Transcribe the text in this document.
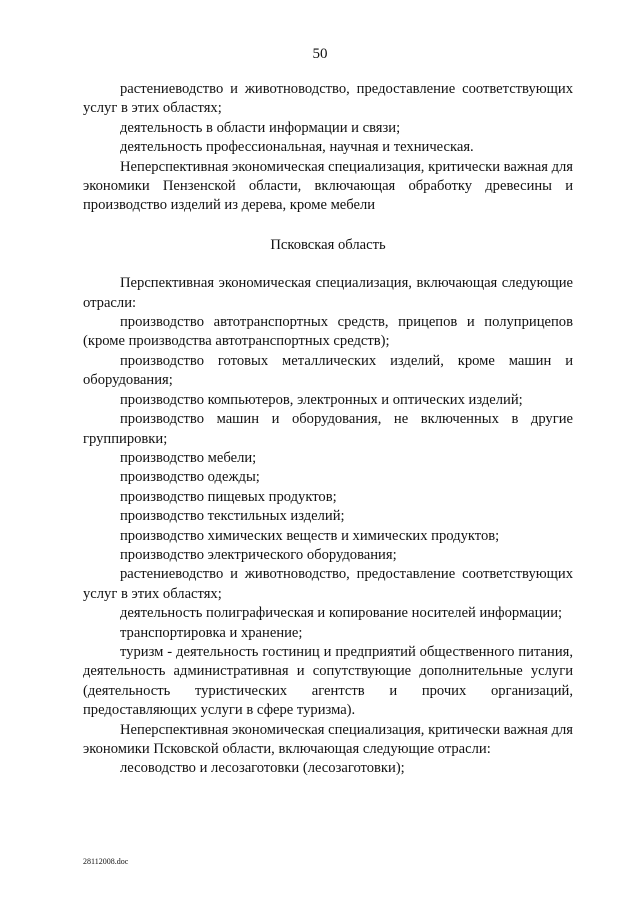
50

растениеводство и животноводство, предоставление соответствующих услуг в этих областях;

деятельность в области информации и связи;

деятельность профессиональная, научная и техническая.

Неперспективная экономическая специализация, критически важная для экономики Пензенской области, включающая обработку древесины и производство изделий из дерева, кроме мебели

Псковская область

Перспективная экономическая специализация, включающая следующие отрасли:

производство автотранспортных средств, прицепов и полуприцепов (кроме производства автотранспортных средств);

производство готовых металлических изделий, кроме машин и оборудования;

производство компьютеров, электронных и оптических изделий;

производство машин и оборудования, не включенных в другие группировки;

производство мебели;

производство одежды;

производство пищевых продуктов;

производство текстильных изделий;

производство химических веществ и химических продуктов;

производство электрического оборудования;

растениеводство и животноводство, предоставление соответствующих услуг в этих областях;

деятельность полиграфическая и копирование носителей информации;

транспортировка и хранение;

туризм - деятельность гостиниц и предприятий общественного питания, деятельность административная и сопутствующие дополнительные услуги (деятельность туристических агентств и прочих организаций, предоставляющих услуги в сфере туризма).

Неперспективная экономическая специализация, критически важная для экономики Псковской области, включающая следующие отрасли:

лесоводство и лесозаготовки (лесозаготовки);

28112008.doc
